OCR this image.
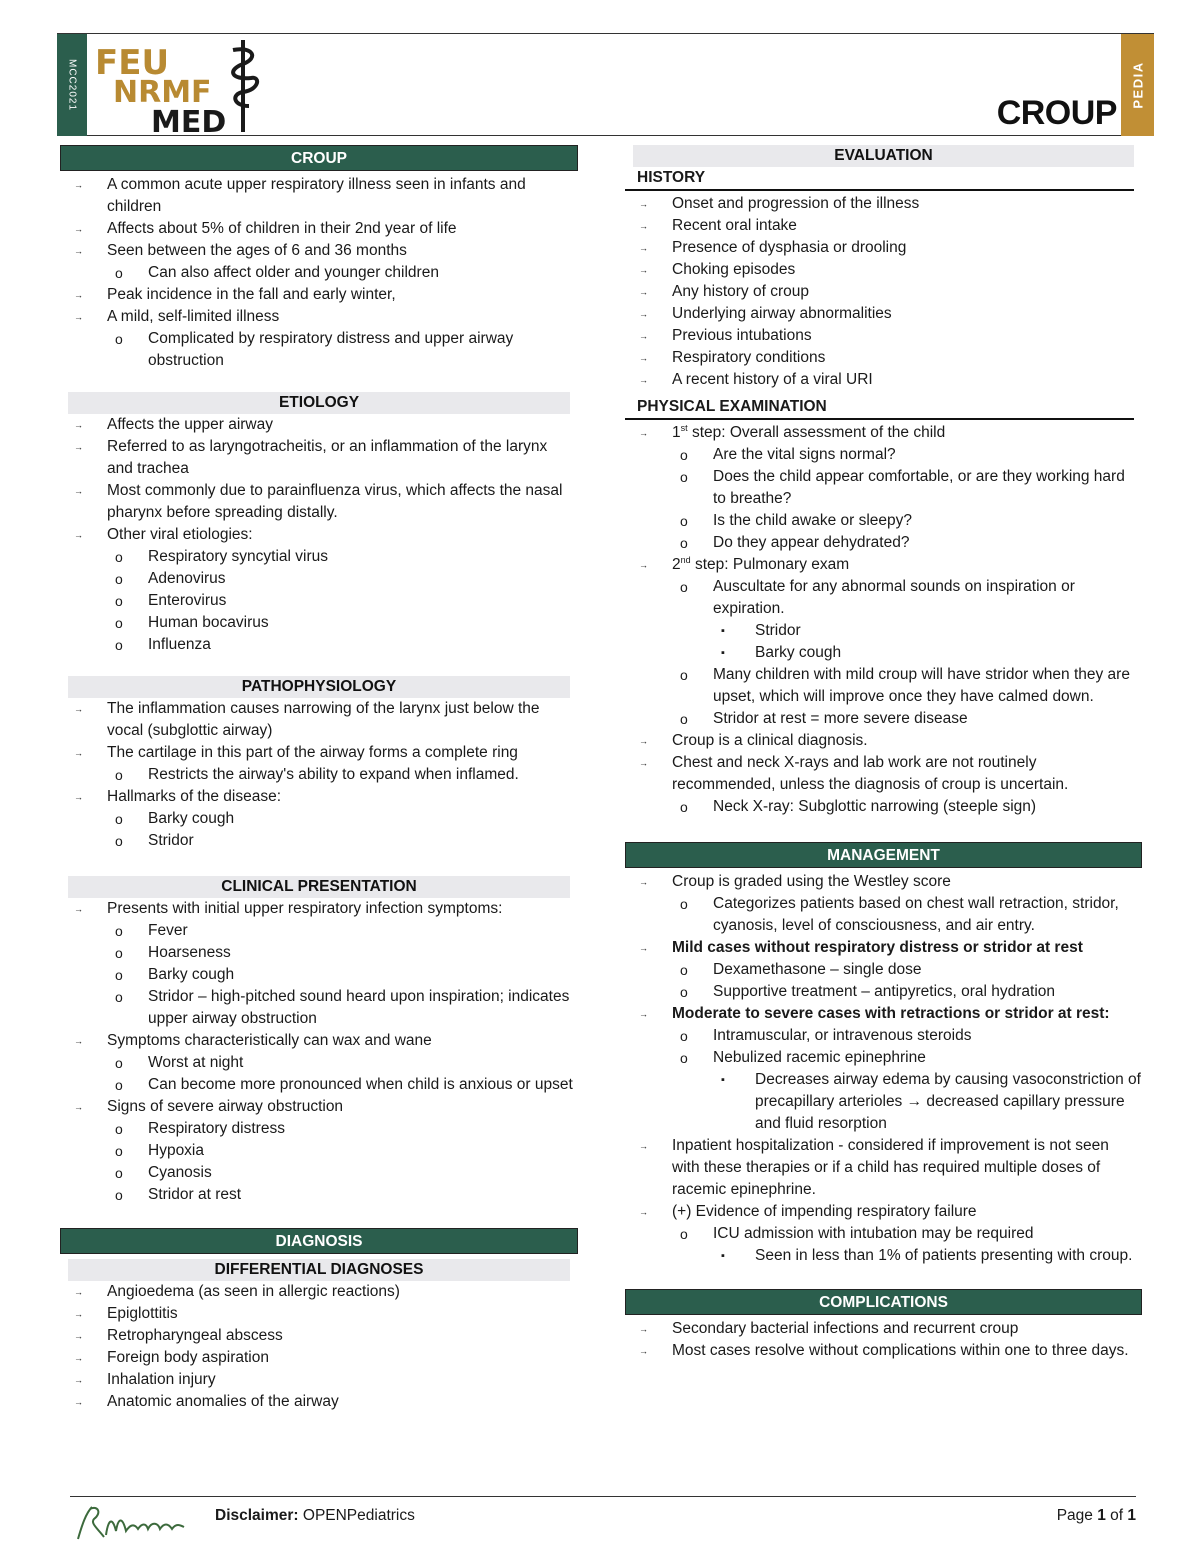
MCC2021 FEU
NRMF
MED	CROUP
PEDIA
CROUP
→ A common acute upper respiratory illness seen in infants and children
→ Affects about 5% of children in their 2nd year of life
→ Seen between the ages of 6 and 36 months
o Can also affect older and younger children
→ Peak incidence in the fall and early winter,
→ A mild, self-limited illness
o Complicated by respiratory distress and upper airway obstruction
ETIOLOGY
→ Affects the upper airway
→ Referred to as laryngotracheitis, or an inflammation of the larynx and trachea
→ Most commonly due to parainfluenza virus, which affects the nasal pharynx before spreading distally.
→ Other viral etiologies:
o Respiratory syncytial virus
o Adenovirus
o Enterovirus
o Human bocavirus
o Influenza
PATHOPHYSIOLOGY
→ The inflammation causes narrowing of the larynx just below the vocal (subglottic airway)
→ The cartilage in this part of the airway forms a complete ring
o Restricts the airway's ability to expand when inflamed.
→ Hallmarks of the disease:
o Barky cough
o Stridor
CLINICAL PRESENTATION
→ Presents with initial upper respiratory infection symptoms:
o Fever
o Hoarseness
o Barky cough
o Stridor – high-pitched sound heard upon inspiration; indicates upper airway obstruction
→ Symptoms characteristically can wax and wane
o Worst at night
o Can become more pronounced when child is anxious or upset
→ Signs of severe airway obstruction
o Respiratory distress
o Hypoxia
o Cyanosis
o Stridor at rest
DIAGNOSIS
DIFFERENTIAL DIAGNOSES
→ Angioedema (as seen in allergic reactions)
→ Epiglottitis
→ Retropharyngeal abscess
→ Foreign body aspiration
→ Inhalation injury
→ Anatomic anomalies of the airway
EVALUATION
HISTORY
→ Onset and progression of the illness
→ Recent oral intake
→ Presence of dysphasia or drooling
→ Choking episodes
→ Any history of croup
→ Underlying airway abnormalities
→ Previous intubations
→ Respiratory conditions
→ A recent history of a viral URI
PHYSICAL EXAMINATION
→ 1st step: Overall assessment of the child
o Are the vital signs normal?
o Does the child appear comfortable, or are they working hard to breathe?
o Is the child awake or sleepy?
o Do they appear dehydrated?
→ 2nd step: Pulmonary exam
o Auscultate for any abnormal sounds on inspiration or expiration.
▪ Stridor
▪ Barky cough
o Many children with mild croup will have stridor when they are upset, which will improve once they have calmed down.
o Stridor at rest = more severe disease
→ Croup is a clinical diagnosis.
→ Chest and neck X-rays and lab work are not routinely recommended, unless the diagnosis of croup is uncertain.
o Neck X-ray: Subglottic narrowing (steeple sign)
MANAGEMENT
→ Croup is graded using the Westley score
o Categorizes patients based on chest wall retraction, stridor, cyanosis, level of consciousness, and air entry.
→ Mild cases without respiratory distress or stridor at rest
o Dexamethasone – single dose
o Supportive treatment – antipyretics, oral hydration
→ Moderate to severe cases with retractions or stridor at rest:
o Intramuscular, or intravenous steroids
o Nebulized racemic epinephrine
▪ Decreases airway edema by causing vasoconstriction of precapillary arterioles → decreased capillary pressure and fluid resorption
→ Inpatient hospitalization - considered if improvement is not seen with these therapies or if a child has required multiple doses of racemic epinephrine.
→ (+) Evidence of impending respiratory failure
o ICU admission with intubation may be required
▪ Seen in less than 1% of patients presenting with croup.
COMPLICATIONS
→ Secondary bacterial infections and recurrent croup
→ Most cases resolve without complications within one to three days.
Disclaimer: OPENPediatrics	Page 1 of 1
